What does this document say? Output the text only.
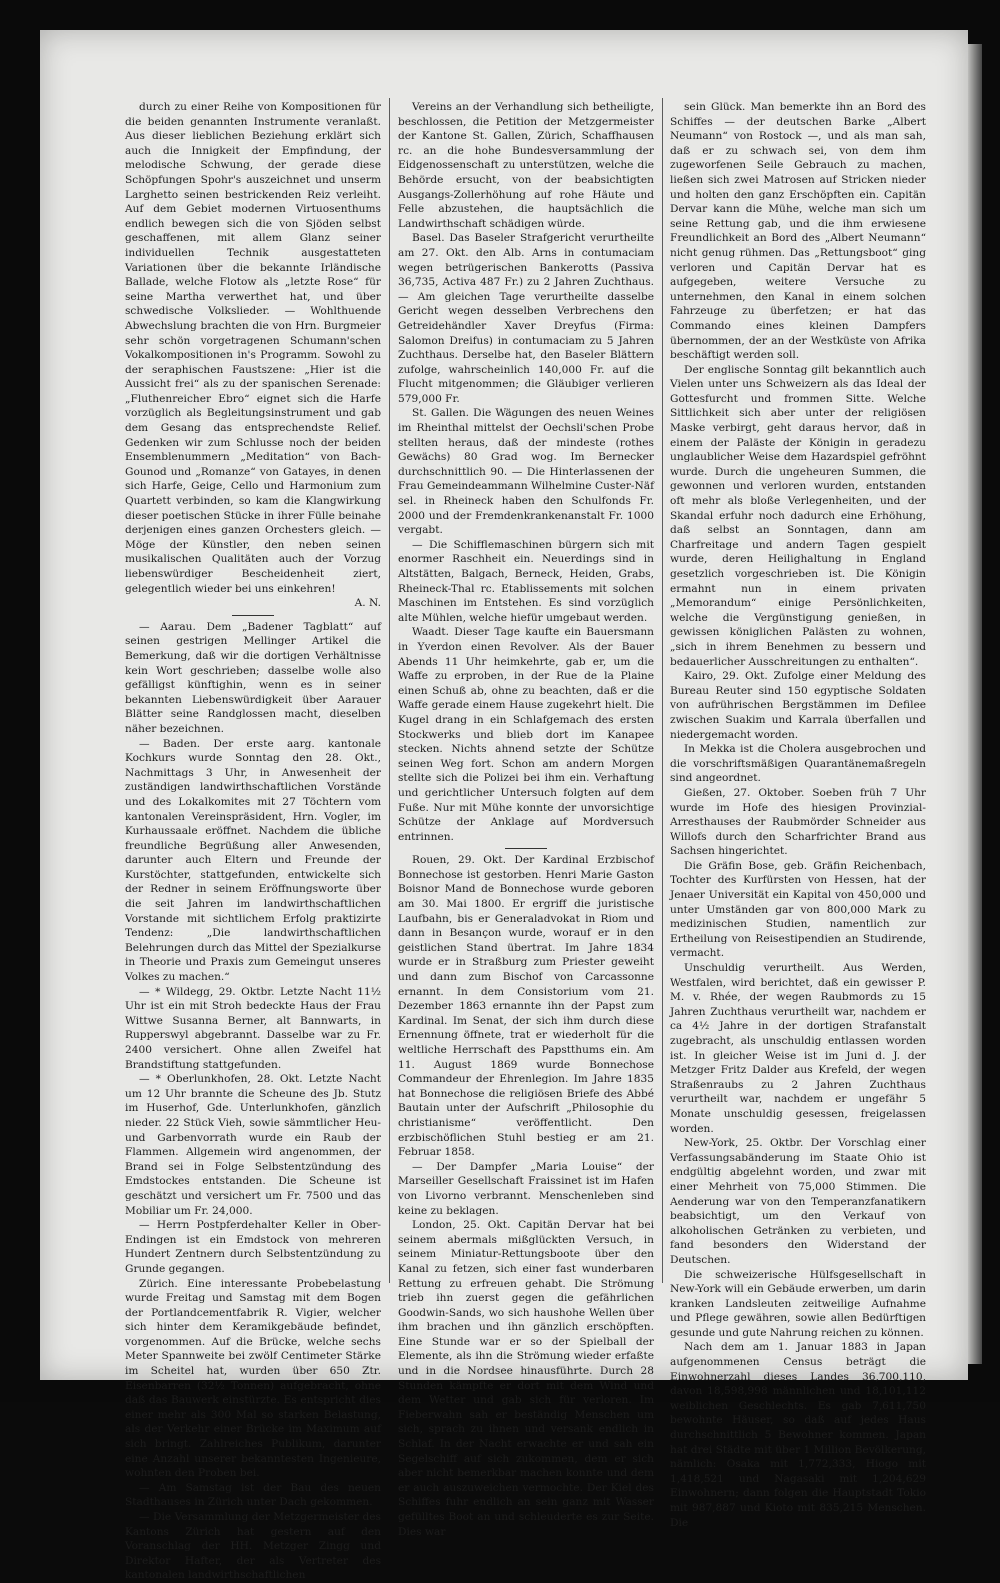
durch zu einer Reihe von Kompositionen für die beiden genannten Instrumente veranlaßt. Aus dieser lieblichen Beziehung erklärt sich auch die Innigkeit der Empfindung, der melodische Schwung, der gerade diese Schöpfungen Spohr's auszeichnet und unserm Larghetto seinen bestrickenden Reiz verleiht. Auf dem Gebiet modernen Virtuosenthums endlich bewegen sich die von Sjöden selbst geschaffenen, mit allem Glanz seiner individuellen Technik ausgestatteten Variationen über die bekannte Irländische Ballade, welche Flotow als „letzte Rose“ für seine Martha verwerthet hat, und über schwedische Volkslieder. — Wohlthuende Abwechslung brachten die von Hrn. Burgmeier sehr schön vorgetragenen Schumann'schen Vokalkompositionen in's Programm. Sowohl zu der seraphischen Faustszene: „Hier ist die Aussicht frei“ als zu der spanischen Serenade: „Fluthenreicher Ebro“ eignet sich die Harfe vorzüglich als Begleitungsinstrument und gab dem Gesang das entsprechendste Relief. Gedenken wir zum Schlusse noch der beiden Ensemblenummern „Meditation“ von Bach-Gounod und „Romanze“ von Gatayes, in denen sich Harfe, Geige, Cello und Harmonium zum Quartett verbinden, so kam die Klangwirkung dieser poetischen Stücke in ihrer Fülle beinahe derjenigen eines ganzen Orchesters gleich. — Möge der Künstler, den neben seinen musikalischen Qualitäten auch der Vorzug liebenswürdiger Bescheidenheit ziert, gelegentlich wieder bei uns einkehren!

A. N.

— Aarau. Dem „Badener Tagblatt“ auf seinen gestrigen Mellinger Artikel die Bemerkung, daß wir die dortigen Verhältnisse kein Wort geschrieben; dasselbe wolle also gefälligst künftighin, wenn es in seiner bekannten Liebenswürdigkeit über Aarauer Blätter seine Randglossen macht, dieselben näher bezeichnen.

— Baden. Der erste aarg. kantonale Kochkurs wurde Sonntag den 28. Okt., Nachmittags 3 Uhr, in Anwesenheit der zuständigen landwirthschaftlichen Vorstände und des Lokalkomites mit 27 Töchtern vom kantonalen Vereinspräsident, Hrn. Vogler, im Kurhaussaale eröffnet. Nachdem die übliche freundliche Begrüßung aller Anwesenden, darunter auch Eltern und Freunde der Kurstöchter, stattgefunden, entwickelte sich der Redner in seinem Eröffnungsworte über die seit Jahren im landwirthschaftlichen Vorstande mit sichtlichem Erfolg praktizirte Tendenz: „Die landwirthschaftlichen Belehrungen durch das Mittel der Spezialkurse in Theorie und Praxis zum Gemeingut unseres Volkes zu machen.“

— * Wildegg, 29. Oktbr. Letzte Nacht 11½ Uhr ist ein mit Stroh bedeckte Haus der Frau Wittwe Susanna Berner, alt Bannwarts, in Rupperswyl abgebrannt. Dasselbe war zu Fr. 2400 versichert. Ohne allen Zweifel hat Brandstiftung stattgefunden.

— * Oberlunkhofen, 28. Okt. Letzte Nacht um 12 Uhr brannte die Scheune des Jb. Stutz im Huserhof, Gde. Unterlunkhofen, gänzlich nieder. 22 Stück Vieh, sowie sämmtlicher Heu- und Garbenvorrath wurde ein Raub der Flammen. Allgemein wird angenommen, der Brand sei in Folge Selbstentzündung des Emdstockes entstanden. Die Scheune ist geschätzt und versichert um Fr. 7500 und das Mobiliar um Fr. 24,000.

— Herrn Postpferdehalter Keller in Ober-Endingen ist ein Emdstock von mehreren Hundert Zentnern durch Selbstentzündung zu Grunde gegangen.

Zürich. Eine interessante Probebelastung wurde Freitag und Samstag mit dem Bogen der Portlandcementfabrik R. Vigier, welcher sich hinter dem Keramikgebäude befindet, vorgenommen. Auf die Brücke, welche sechs Meter Spannweite bei zwölf Centimeter Stärke im Scheitel hat, wurden über 650 Ztr. Eisenbarren (32½ Tonnen) aufgebracht, ohne daß das Bauwerk einstürzte. Es entspricht dies einer mehr als 300 Mal so starken Belastung, als der Verkehr einer Brücke im Maximum auf sich bringt. Zahlreiches Publikum, darunter eine Anzahl unserer bekanntesten Ingenieure, wohnten den Proben bei.

— Am Samstag ist der Bau des neuen Stadthauses in Zürich unter Dach gekommen.

— Die Versammlung der Metzgermeister des Kantons Zürich hat gestern auf den Voranschlag der HH. Metzger Zingg und Direktor Hafter, der als Vertreter des kantonalen landwirthschaftlichen

Vereins an der Verhandlung sich betheiligte, beschlossen, die Petition der Metzgermeister der Kantone St. Gallen, Zürich, Schaffhausen rc. an die hohe Bundesversammlung der Eidgenossenschaft zu unterstützen, welche die Behörde ersucht, von der beabsichtigten Ausgangs-Zollerhöhung auf rohe Häute und Felle abzustehen, die hauptsächlich die Landwirthschaft schädigen würde.

Basel. Das Baseler Strafgericht verurtheilte am 27. Okt. den Alb. Arns in contumaciam wegen betrügerischen Bankerotts (Passiva 36,735, Activa 487 Fr.) zu 2 Jahren Zuchthaus. — Am gleichen Tage verurtheilte dasselbe Gericht wegen desselben Verbrechens den Getreidehändler Xaver Dreyfus (Firma: Salomon Dreifus) in contumaciam zu 5 Jahren Zuchthaus. Derselbe hat, den Baseler Blättern zufolge, wahrscheinlich 140,000 Fr. auf die Flucht mitgenommen; die Gläubiger verlieren 579,000 Fr.

St. Gallen. Die Wägungen des neuen Weines im Rheinthal mittelst der Oechsli'schen Probe stellten heraus, daß der mindeste (rothes Gewächs) 80 Grad wog. Im Bernecker durchschnittlich 90. — Die Hinterlassenen der Frau Gemeindeammann Wilhelmine Custer-Näf sel. in Rheineck haben den Schulfonds Fr. 2000 und der Fremdenkrankenanstalt Fr. 1000 vergabt.

— Die Schifflemaschinen bürgern sich mit enormer Raschheit ein. Neuerdings sind in Altstätten, Balgach, Berneck, Heiden, Grabs, Rheineck-Thal rc. Etablissements mit solchen Maschinen im Entstehen. Es sind vorzüglich alte Mühlen, welche hiefür umgebaut werden.

Waadt. Dieser Tage kaufte ein Bauersmann in Yverdon einen Revolver. Als der Bauer Abends 11 Uhr heimkehrte, gab er, um die Waffe zu erproben, in der Rue de la Plaine einen Schuß ab, ohne zu beachten, daß er die Waffe gerade einem Hause zugekehrt hielt. Die Kugel drang in ein Schlafgemach des ersten Stockwerks und blieb dort im Kanapee stecken. Nichts ahnend setzte der Schütze seinen Weg fort. Schon am andern Morgen stellte sich die Polizei bei ihm ein. Verhaftung und gerichtlicher Untersuch folgten auf dem Fuße. Nur mit Mühe konnte der unvorsichtige Schütze der Anklage auf Mordversuch entrinnen.

Rouen, 29. Okt. Der Kardinal Erzbischof Bonnechose ist gestorben. Henri Marie Gaston Boisnor Mand de Bonnechose wurde geboren am 30. Mai 1800. Er ergriff die juristische Laufbahn, bis er Generaladvokat in Riom und dann in Besançon wurde, worauf er in den geistlichen Stand übertrat. Im Jahre 1834 wurde er in Straßburg zum Priester geweiht und dann zum Bischof von Carcassonne ernannt. In dem Consistorium vom 21. Dezember 1863 ernannte ihn der Papst zum Kardinal. Im Senat, der sich ihm durch diese Ernennung öffnete, trat er wiederholt für die weltliche Herrschaft des Papstthums ein. Am 11. August 1869 wurde Bonnechose Commandeur der Ehrenlegion. Im Jahre 1835 hat Bonnechose die religiösen Briefe des Abbé Bautain unter der Aufschrift „Philosophie du christianisme“ veröffentlicht. Den erzbischöflichen Stuhl bestieg er am 21. Februar 1858.

— Der Dampfer „Maria Louise“ der Marseiller Gesellschaft Fraissinet ist im Hafen von Livorno verbrannt. Menschenleben sind keine zu beklagen.

London, 25. Okt. Capitän Dervar hat bei seinem abermals mißglückten Versuch, in seinem Miniatur-Rettungsboote über den Kanal zu fetzen, sich einer fast wunderbaren Rettung zu erfreuen gehabt. Die Strömung trieb ihn zuerst gegen die gefährlichen Goodwin-Sands, wo sich haushohe Wellen über ihm brachen und ihn gänzlich erschöpften. Eine Stunde war er so der Spielball der Elemente, als ihn die Strömung wieder erfaßte und in die Nordsee hinausführte. Durch 28 Stunden kämpfte er dort mit dem Wind und dem Wetter und gab sich für verloren. Im Fieberwahn sah er beständig Menschen um sich, sprach zu ihnen und versank endlich in Schlaf. In der Nacht erwachte er und sah ein Segelschiff auf sich zukommen, dem er sich aber nicht bemerkbar machen konnte und dem er auch auszuweichen vermochte. Der Kiel des Schiffes fuhr endlich an sein ganz mit Wasser gefülltes Boot an und schleuderte es zur Seite. Dies war

sein Glück. Man bemerkte ihn an Bord des Schiffes — der deutschen Barke „Albert Neumann“ von Rostock —, und als man sah, daß er zu schwach sei, von dem ihm zugeworfenen Seile Gebrauch zu machen, ließen sich zwei Matrosen auf Stricken nieder und holten den ganz Erschöpften ein. Capitän Dervar kann die Mühe, welche man sich um seine Rettung gab, und die ihm erwiesene Freundlichkeit an Bord des „Albert Neumann“ nicht genug rühmen. Das „Rettungsboot“ ging verloren und Capitän Dervar hat es aufgegeben, weitere Versuche zu unternehmen, den Kanal in einem solchen Fahrzeuge zu überfetzen; er hat das Commando eines kleinen Dampfers übernommen, der an der Westküste von Afrika beschäftigt werden soll.

Der englische Sonntag gilt bekanntlich auch Vielen unter uns Schweizern als das Ideal der Gottesfurcht und frommen Sitte. Welche Sittlichkeit sich aber unter der religiösen Maske verbirgt, geht daraus hervor, daß in einem der Paläste der Königin in geradezu unglaublicher Weise dem Hazardspiel gefröhnt wurde. Durch die ungeheuren Summen, die gewonnen und verloren wurden, entstanden oft mehr als bloße Verlegenheiten, und der Skandal erfuhr noch dadurch eine Erhöhung, daß selbst an Sonntagen, dann am Charfreitage und andern Tagen gespielt wurde, deren Heilighaltung in England gesetzlich vorgeschrieben ist. Die Königin ermahnt nun in einem privaten „Memorandum“ einige Persönlichkeiten, welche die Vergünstigung genießen, in gewissen königlichen Palästen zu wohnen, „sich in ihrem Benehmen zu bessern und bedauerlicher Ausschreitungen zu enthalten“.

Kairo, 29. Okt. Zufolge einer Meldung des Bureau Reuter sind 150 egyptische Soldaten von aufrührischen Bergstämmen im Defilee zwischen Suakim und Karrala überfallen und niedergemacht worden.

In Mekka ist die Cholera ausgebrochen und die vorschriftsmäßigen Quarantänemaßregeln sind angeordnet.

Gießen, 27. Oktober. Soeben früh 7 Uhr wurde im Hofe des hiesigen Provinzial-Arresthauses der Raubmörder Schneider aus Willofs durch den Scharfrichter Brand aus Sachsen hingerichtet.

Die Gräfin Bose, geb. Gräfin Reichenbach, Tochter des Kurfürsten von Hessen, hat der Jenaer Universität ein Kapital von 450,000 und unter Umständen gar von 800,000 Mark zu medizinischen Studien, namentlich zur Ertheilung von Reisestipendien an Studirende, vermacht.

Unschuldig verurtheilt. Aus Werden, Westfalen, wird berichtet, daß ein gewisser P. M. v. Rhée, der wegen Raubmords zu 15 Jahren Zuchthaus verurtheilt war, nachdem er ca 4½ Jahre in der dortigen Strafanstalt zugebracht, als unschuldig entlassen worden ist. In gleicher Weise ist im Juni d. J. der Metzger Fritz Dalder aus Krefeld, der wegen Straßenraubs zu 2 Jahren Zuchthaus verurtheilt war, nachdem er ungefähr 5 Monate unschuldig gesessen, freigelassen worden.

New-York, 25. Oktbr. Der Vorschlag einer Verfassungsabänderung im Staate Ohio ist endgültig abgelehnt worden, und zwar mit einer Mehrheit von 75,000 Stimmen. Die Aenderung war von den Temperanzfanatikern beabsichtigt, um den Verkauf von alkoholischen Getränken zu verbieten, und fand besonders den Widerstand der Deutschen.

Die schweizerische Hülfsgesellschaft in New-York will ein Gebäude erwerben, um darin kranken Landsleuten zeitweilige Aufnahme und Pflege gewähren, sowie allen Bedürftigen gesunde und gute Nahrung reichen zu können.

Nach dem am 1. Januar 1883 in Japan aufgenommenen Census beträgt die Einwohnerzahl dieses Landes 36,700,110, davon 18,598,998 männlichen und 18,101,112 weiblichen Geschlechts. Es gab 7,611,750 bewohnte Häuser, so daß auf jedes Haus durchschnittlich 5 Bewohner kommen. Japan hat drei Städte mit über 1 Million Bevölkerung, nämlich: Osaka mit 1,772,333, Hiogo mit 1,418,521 und Nagasaki mit 1,204,629 Einwohnern; dann folgen die Hauptstadt Tokio mit 987,887 und Kioto mit 835,215 Menschen. Die
